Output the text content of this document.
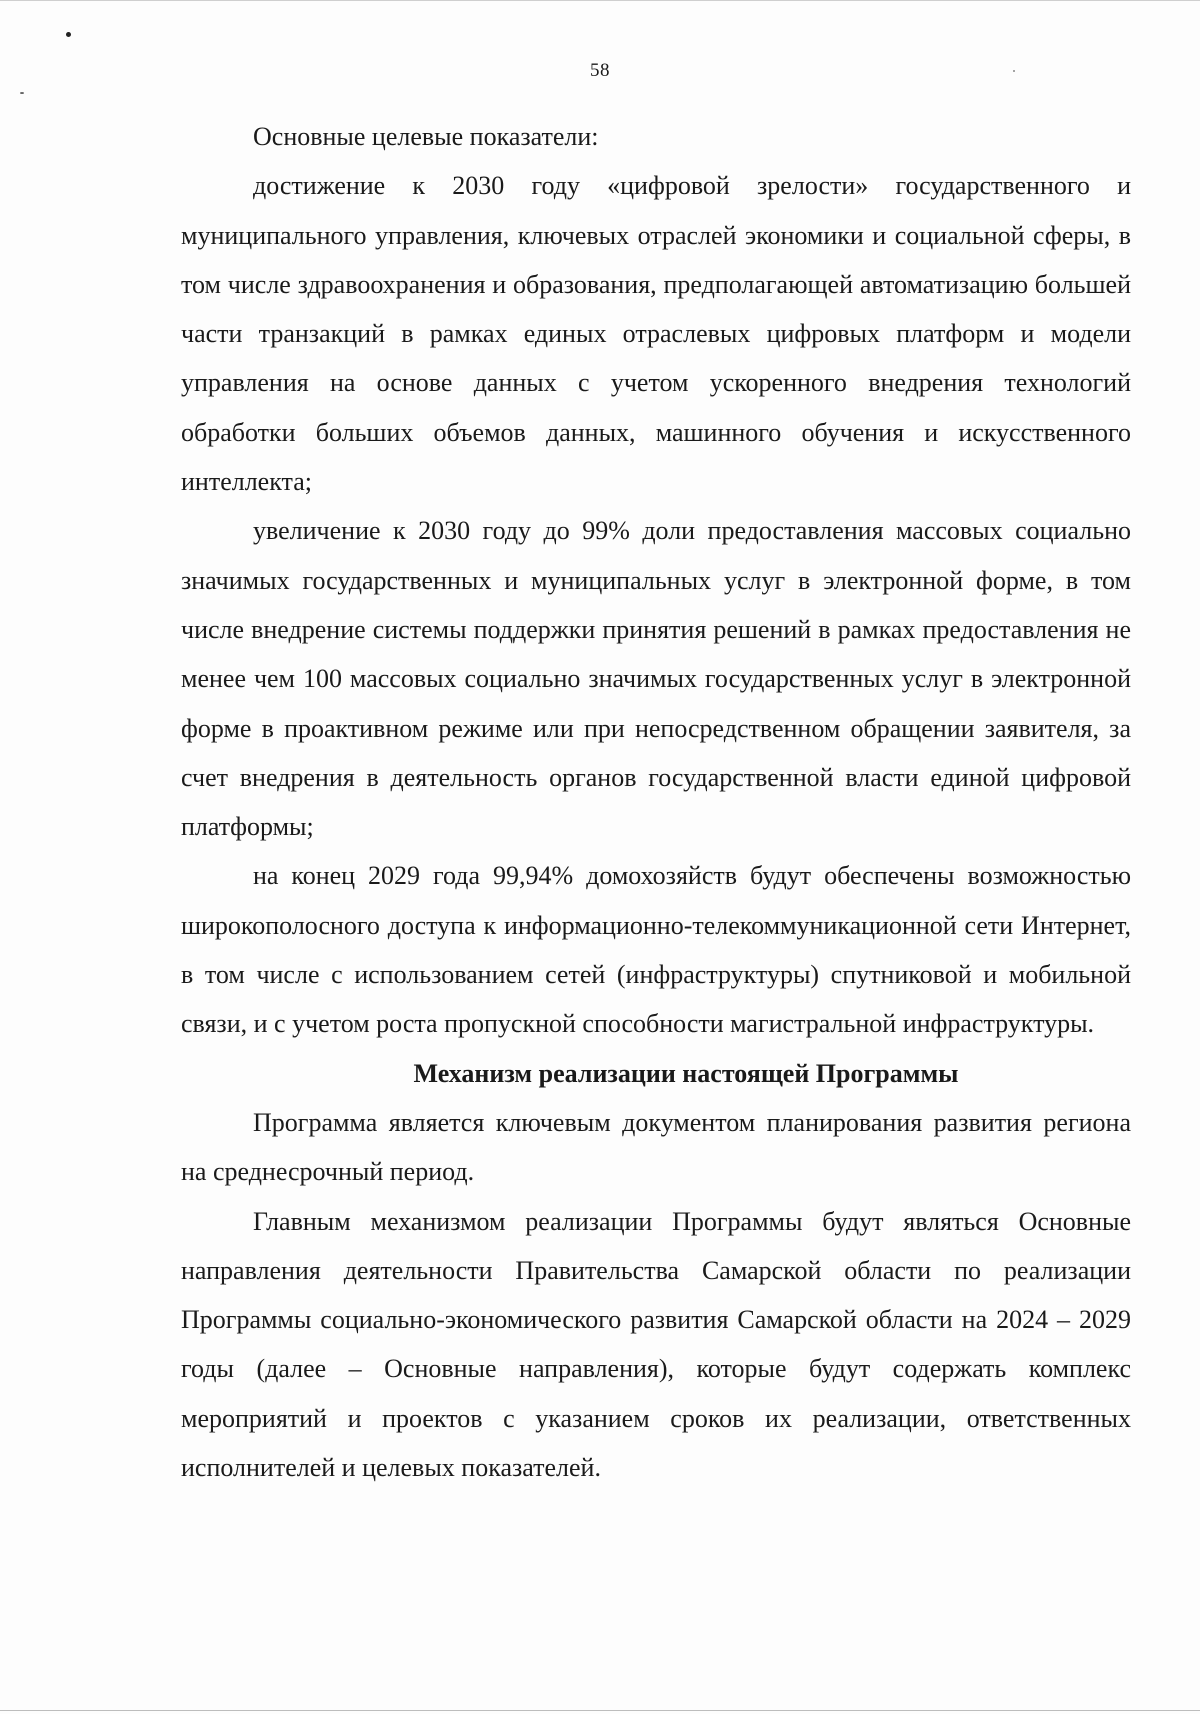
58

Основные целевые показатели:

достижение к 2030 году «цифровой зрелости» государственного и муниципального управления, ключевых отраслей экономики и социальной сферы, в том числе здравоохранения и образования, предполагающей автоматизацию большей части транзакций в рамках единых отраслевых цифровых платформ и модели управления на основе данных с учетом ускоренного внедрения технологий обработки больших объемов данных, машинного обучения и искусственного интеллекта;

увеличение к 2030 году до 99% доли предоставления массовых социально значимых государственных и муниципальных услуг в электронной форме, в том числе внедрение системы поддержки принятия решений в рамках предоставления не менее чем 100 массовых социально значимых государственных услуг в электронной форме в проактивном режиме или при непосредственном обращении заявителя, за счет внедрения в деятельность органов государственной власти единой цифровой платформы;

на конец 2029 года 99,94% домохозяйств будут обеспечены возможностью широкополосного доступа к информационно-телекоммуникационной сети Интернет, в том числе с использованием сетей (инфраструктуры) спутниковой и мобильной связи, и с учетом роста пропускной способности магистральной инфраструктуры.

Механизм реализации настоящей Программы

Программа является ключевым документом планирования развития региона на среднесрочный период.

Главным механизмом реализации Программы будут являться Основные направления деятельности Правительства Самарской области по реализации Программы социально-экономического развития Самарской области на 2024 – 2029 годы (далее – Основные направления), которые будут содержать комплекс мероприятий и проектов с указанием сроков их реализации, ответственных исполнителей и целевых показателей.
